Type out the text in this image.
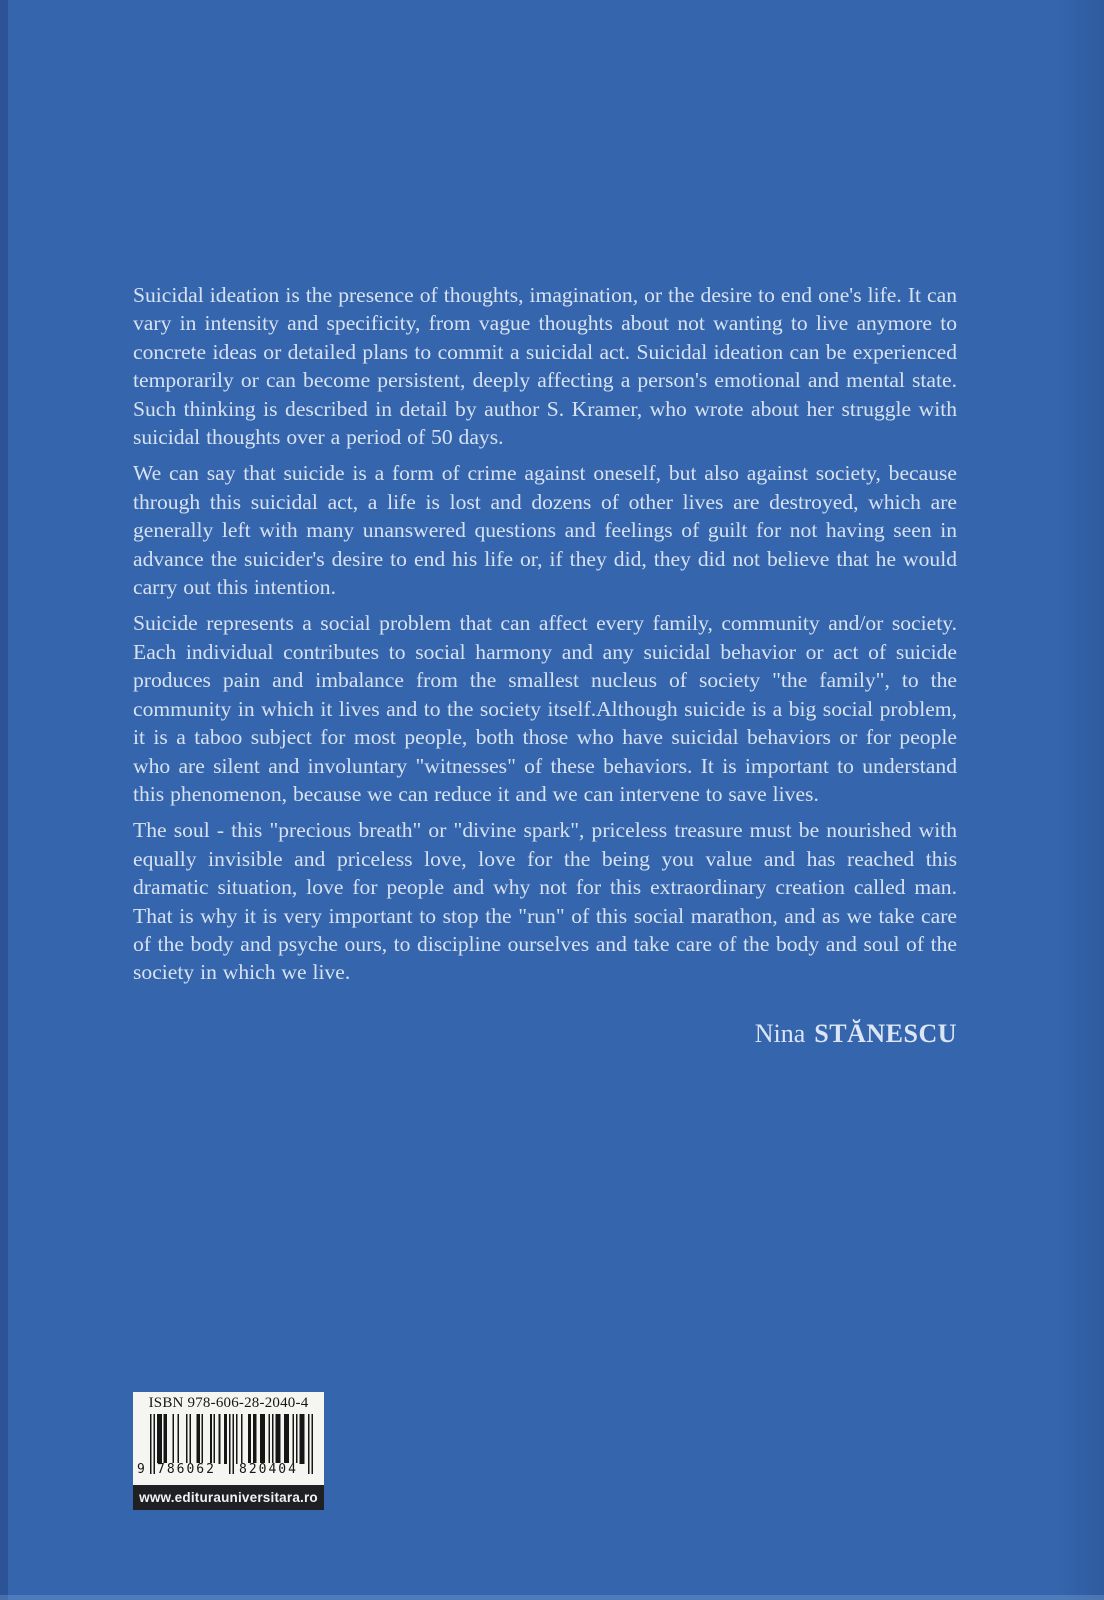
Suicidal ideation is the presence of thoughts, imagination, or the desire to end one's life. It can vary in intensity and specificity, from vague thoughts about not wanting to live anymore to concrete ideas or detailed plans to commit a suicidal act. Suicidal ideation can be experienced temporarily or can become persistent, deeply affecting a person's emotional and mental state. Such thinking is described in detail by author S. Kramer, who wrote about her struggle with suicidal thoughts over a period of 50 days.

We can say that suicide is a form of crime against oneself, but also against society, because through this suicidal act, a life is lost and dozens of other lives are destroyed, which are generally left with many unanswered questions and feelings of guilt for not having seen in advance the suicider's desire to end his life or, if they did, they did not believe that he would carry out this intention.

Suicide represents a social problem that can affect every family, community and/or society. Each individual contributes to social harmony and any suicidal behavior or act of suicide produces pain and imbalance from the smallest nucleus of society "the family", to the community in which it lives and to the society itself.Although suicide is a big social problem, it is a taboo subject for most people, both those who have suicidal behaviors or for people who are silent and involuntary "witnesses" of these behaviors. It is important to understand this phenomenon, because we can reduce it and we can intervene to save lives.

The soul - this "precious breath" or "divine spark", priceless treasure must be nourished with equally invisible and priceless love, love for the being you value and has reached this dramatic situation, love for people and why not for this extraordinary creation called man. That is why it is very important to stop the "run" of this social marathon, and as we take care of the body and psyche ours, to discipline ourselves and take care of the body and soul of the society in which we live.

Nina STĂNESCU
ISBN 978-606-28-2040-4
9 786062 820404
www.editurauniversitara.ro
